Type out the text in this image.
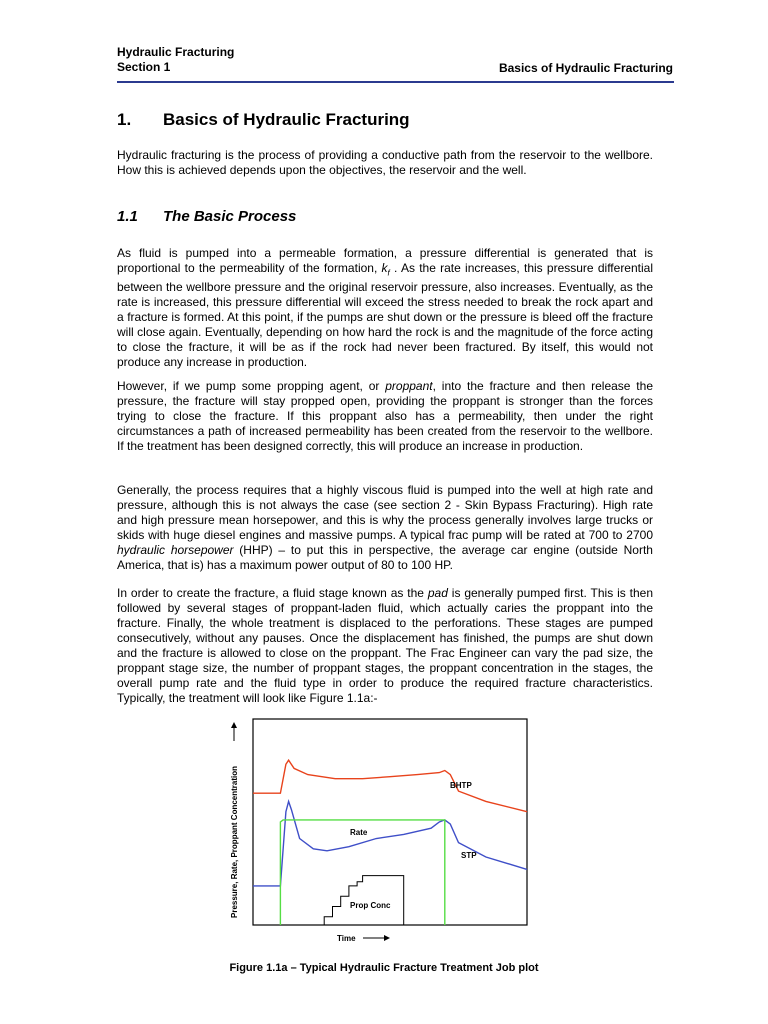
Hydraulic Fracturing
Section 1	Basics of Hydraulic Fracturing
1. Basics of Hydraulic Fracturing

Hydraulic fracturing is the process of providing a conductive path from the reservoir to the wellbore. How this is achieved depends upon the objectives, the reservoir and the well.

1.1 The Basic Process

As fluid is pumped into a permeable formation, a pressure differential is generated that is proportional to the permeability of the formation, $k_f$ . As the rate increases, this pressure differential between the wellbore pressure and the original reservoir pressure, also increases. Eventually, as the rate is increased, this pressure differential will exceed the stress needed to break the rock apart and a fracture is formed. At this point, if the pumps are shut down or the pressure is bleed off the fracture will close again. Eventually, depending on how hard the rock is and the magnitude of the force acting to close the fracture, it will be as if the rock had never been fractured. By itself, this would not produce any increase in production.

However, if we pump some propping agent, or proppant, into the fracture and then release the pressure, the fracture will stay propped open, providing the proppant is stronger than the forces trying to close the fracture. If this proppant also has a permeability, then under the right circumstances a path of increased permeability has been created from the reservoir to the wellbore. If the treatment has been designed correctly, this will produce an increase in production.

Generally, the process requires that a highly viscous fluid is pumped into the well at high rate and pressure, although this is not always the case (see section 2 - Skin Bypass Fracturing). High rate and high pressure mean horsepower, and this is why the process generally involves large trucks or skids with huge diesel engines and massive pumps. A typical frac pump will be rated at 700 to 2700 hydraulic horsepower (HHP) – to put this in perspective, the average car engine (outside North America, that is) has a maximum power output of 80 to 100 HP.

In order to create the fracture, a fluid stage known as the pad is generally pumped first. This is then followed by several stages of proppant-laden fluid, which actually caries the proppant into the fracture. Finally, the whole treatment is displaced to the perforations. These stages are pumped consecutively, without any pauses. Once the displacement has finished, the pumps are shut down and the fracture is allowed to close on the proppant. The Frac Engineer can vary the pad size, the proppant stage size, the number of proppant stages, the proppant concentration in the stages, the overall pump rate and the fluid type in order to produce the required fracture characteristics. Typically, the treatment will look like Figure 1.1a:-

BHTP
Rate
STP
Prop Conc
Time
Pressure, Rate, Proppant Concentration
Figure 1.1a – Typical Hydraulic Fracture Treatment Job plot
